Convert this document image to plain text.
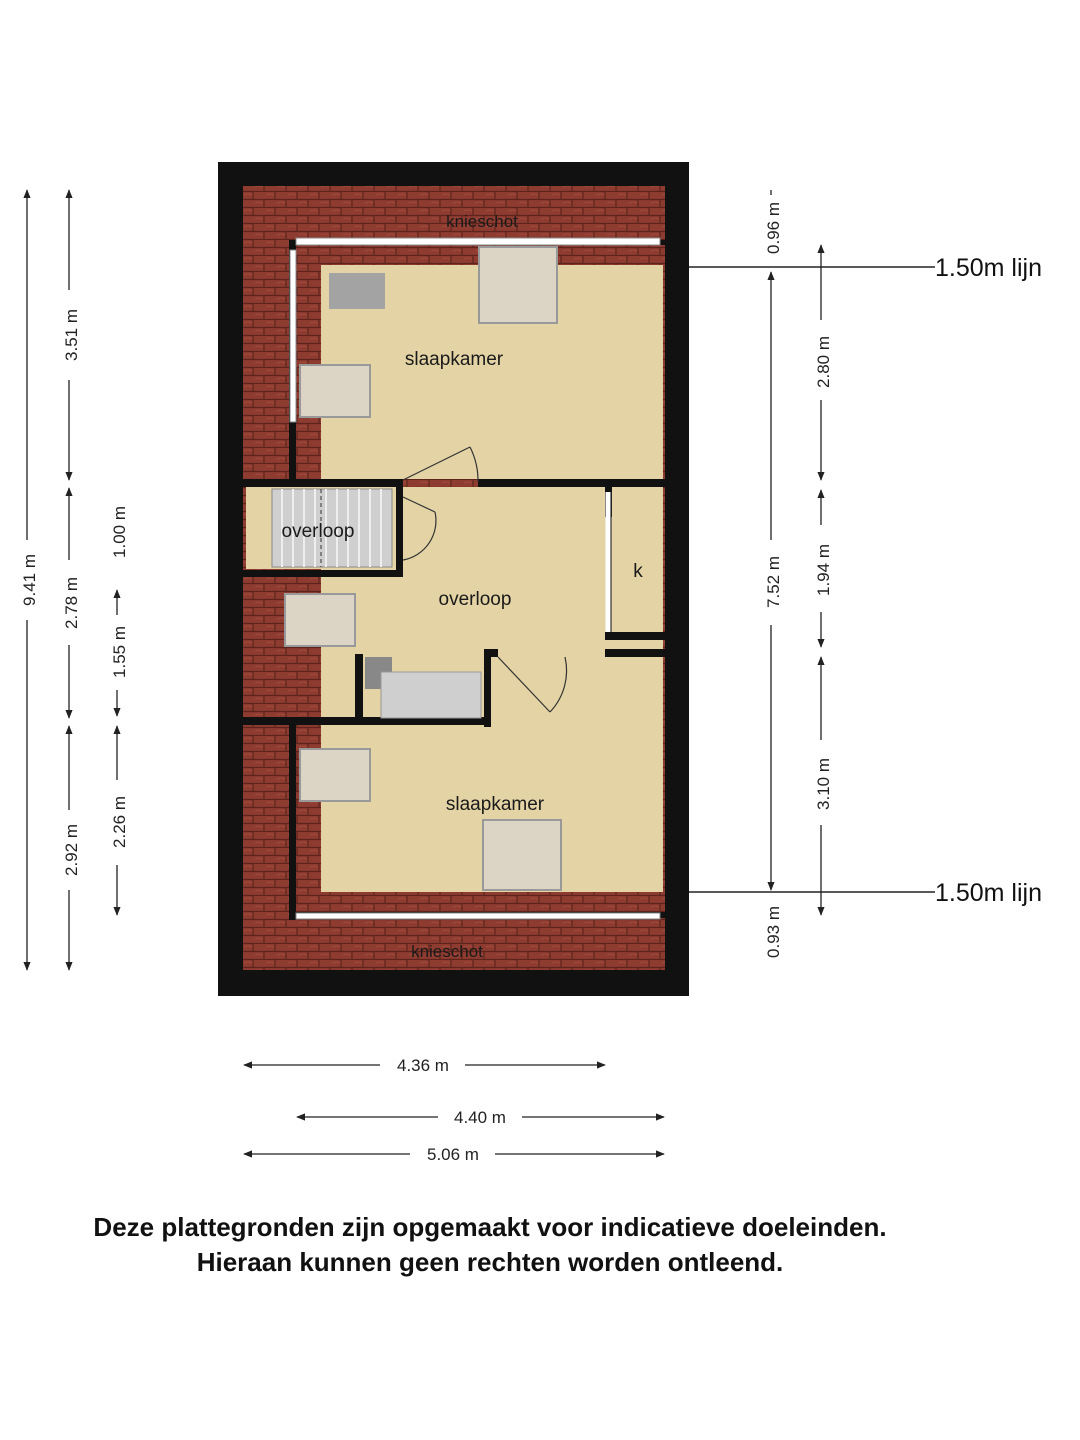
knieschot
slaapkamer
overloop
overloop
k
slaapkamer
knieschot
1.50m lijn
1.50m lijn
9.41 m
3.51 m
2.78 m
2.92 m
1.00 m
1.55 m
2.26 m
0.96 m
7.52 m
0.93 m
2.80 m
1.94 m
3.10 m
4.36 m
4.40 m
5.06 m
Deze plattegronden zijn opgemaakt voor indicatieve doeleinden.
Hieraan kunnen geen rechten worden ontleend.
